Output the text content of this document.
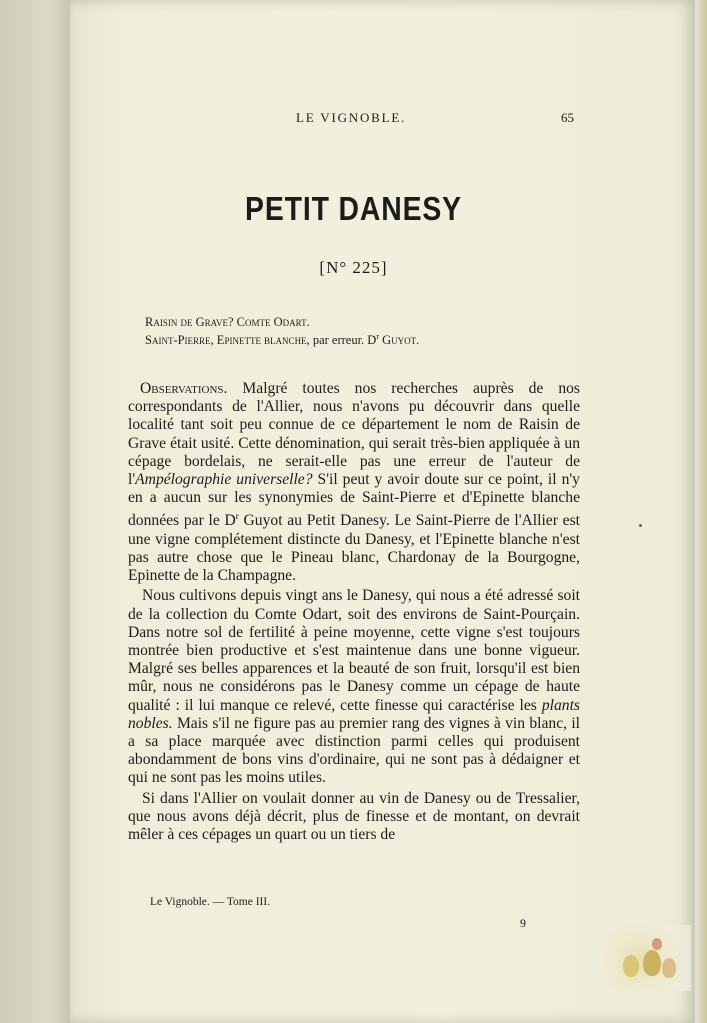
LE VIGNOBLE.	65
PETIT DANESY
[N° 225]
Raisin de Grave? Comte Odart.
Saint-Pierre, Epinette blanche, par erreur. $D^r$ Guyot.

Observations. Malgré toutes nos recherches auprès de nos correspondants de l'Allier, nous n'avons pu découvrir dans quelle localité tant soit peu connue de ce département le nom de Raisin de Grave était usité. Cette dénomination, qui serait très-bien appliquée à un cépage bordelais, ne serait-elle pas une erreur de l'auteur de l'Ampélographie universelle? S'il peut y avoir doute sur ce point, il n'y en a aucun sur les synonymies de Saint-Pierre et d'Epinette blanche données par le $D^r$ Guyot au Petit Danesy. Le Saint-Pierre de l'Allier est une vigne complétement distincte du Danesy, et l'Epinette blanche n'est pas autre chose que le Pineau blanc, Chardonay de la Bourgogne, Epinette de la Champagne.

Nous cultivons depuis vingt ans le Danesy, qui nous a été adressé soit de la collection du Comte Odart, soit des environs de Saint-Pourçain. Dans notre sol de fertilité à peine moyenne, cette vigne s'est toujours montrée bien productive et s'est maintenue dans une bonne vigueur. Malgré ses belles apparences et la beauté de son fruit, lorsqu'il est bien mûr, nous ne considérons pas le Danesy comme un cépage de haute qualité : il lui manque ce relevé, cette finesse qui caractérise les plants nobles. Mais s'il ne figure pas au premier rang des vignes à vin blanc, il a sa place marquée avec distinction parmi celles qui produisent abondamment de bons vins d'ordinaire, qui ne sont pas à dédaigner et qui ne sont pas les moins utiles.

Si dans l'Allier on voulait donner au vin de Danesy ou de Tressalier, que nous avons déjà décrit, plus de finesse et de montant, on devrait mêler à ces cépages un quart ou un tiers de

Le Vignoble. — Tome III.
9
